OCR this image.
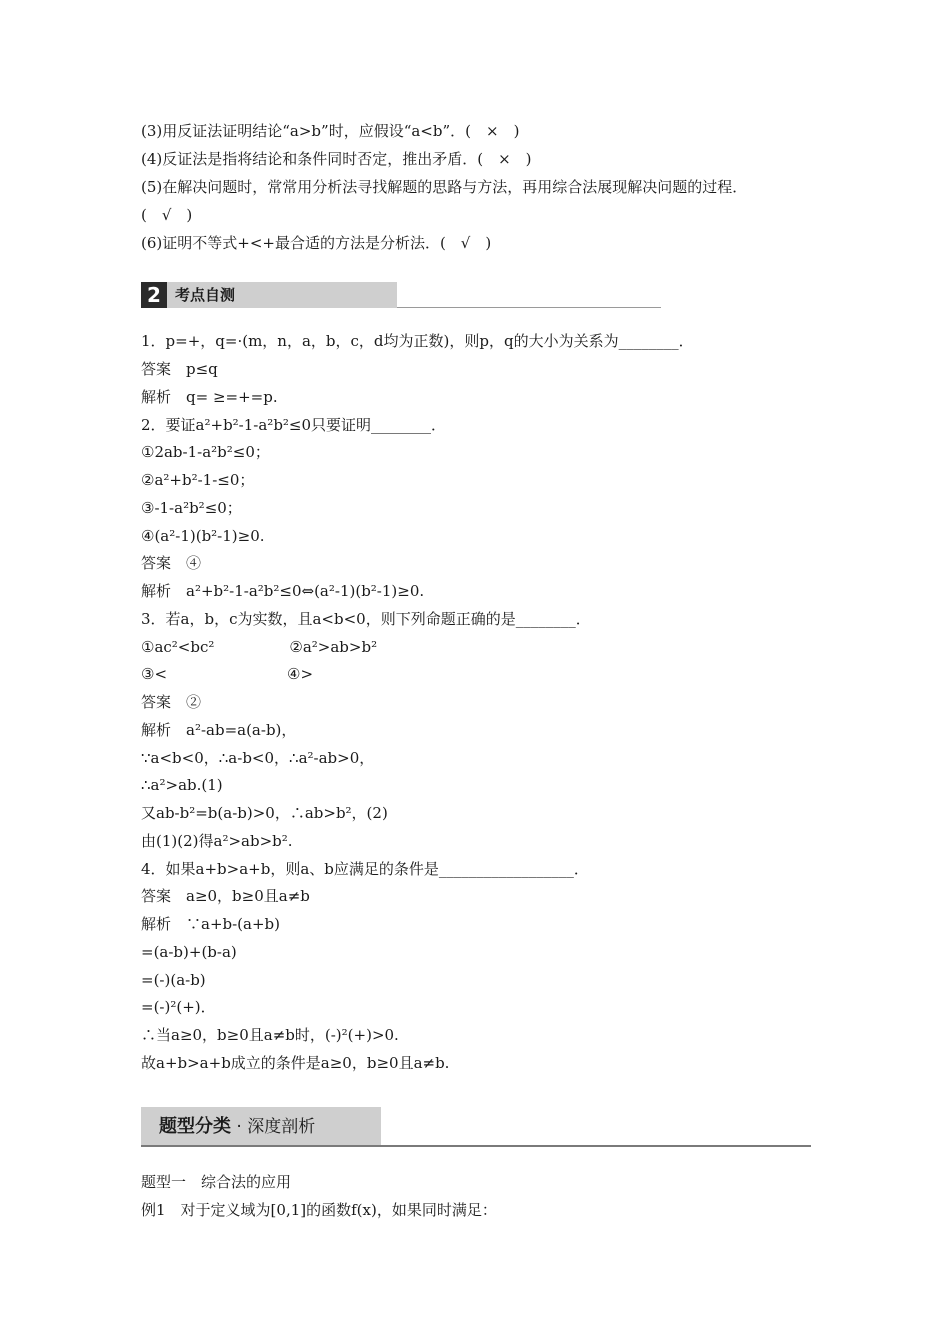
(3)用反证法证明结论“a>b”时，应假设“a<b”．(　×　)
(4)反证法是指将结论和条件同时否定，推出矛盾．(　×　)
(5)在解决问题时，常常用分析法寻找解题的思路与方法，再用综合法展现解决问题的过程．
(　√　)
(6)证明不等式+<+最合适的方法是分析法．(　√　)
2 考点自测
1．p=+，q=·(m，n，a，b，c，d均为正数)，则p，q的大小为关系为________．
答案　p≤q
解析　q= ≥=+=p.
2．要证a²+b²-1-a²b²≤0只要证明________．
①2ab-1-a²b²≤0；
②a²+b²-1-≤0；
③-1-a²b²≤0；
④(a²-1)(b²-1)≥0.
答案　④
解析　a²+b²-1-a²b²≤0⇔(a²-1)(b²-1)≥0.
3．若a，b，c为实数，且a<b<0，则下列命题正确的是________．
①ac²<bc²　　　　　②a²>ab>b²
③<　　　　　　　　④>
答案　②
解析　a²-ab=a(a-b)，
∵a<b<0，∴a-b<0，∴a²-ab>0，
∴a²>ab.(1)
又ab-b²=b(a-b)>0，∴ab>b²，(2)
由(1)(2)得a²>ab>b².
4．如果a+b>a+b，则a、b应满足的条件是__________________．
答案　a≥0，b≥0且a≠b
解析　∵a+b-(a+b)
=(a-b)+(b-a)
=(-)(a-b)
=(-)²(+)．
∴当a≥0，b≥0且a≠b时，(-)²(+)>0.
故a+b>a+b成立的条件是a≥0，b≥0且a≠b.
题型分类 · 深度剖析
题型一　综合法的应用
例1　对于定义域为[0,1]的函数f(x)，如果同时满足：
